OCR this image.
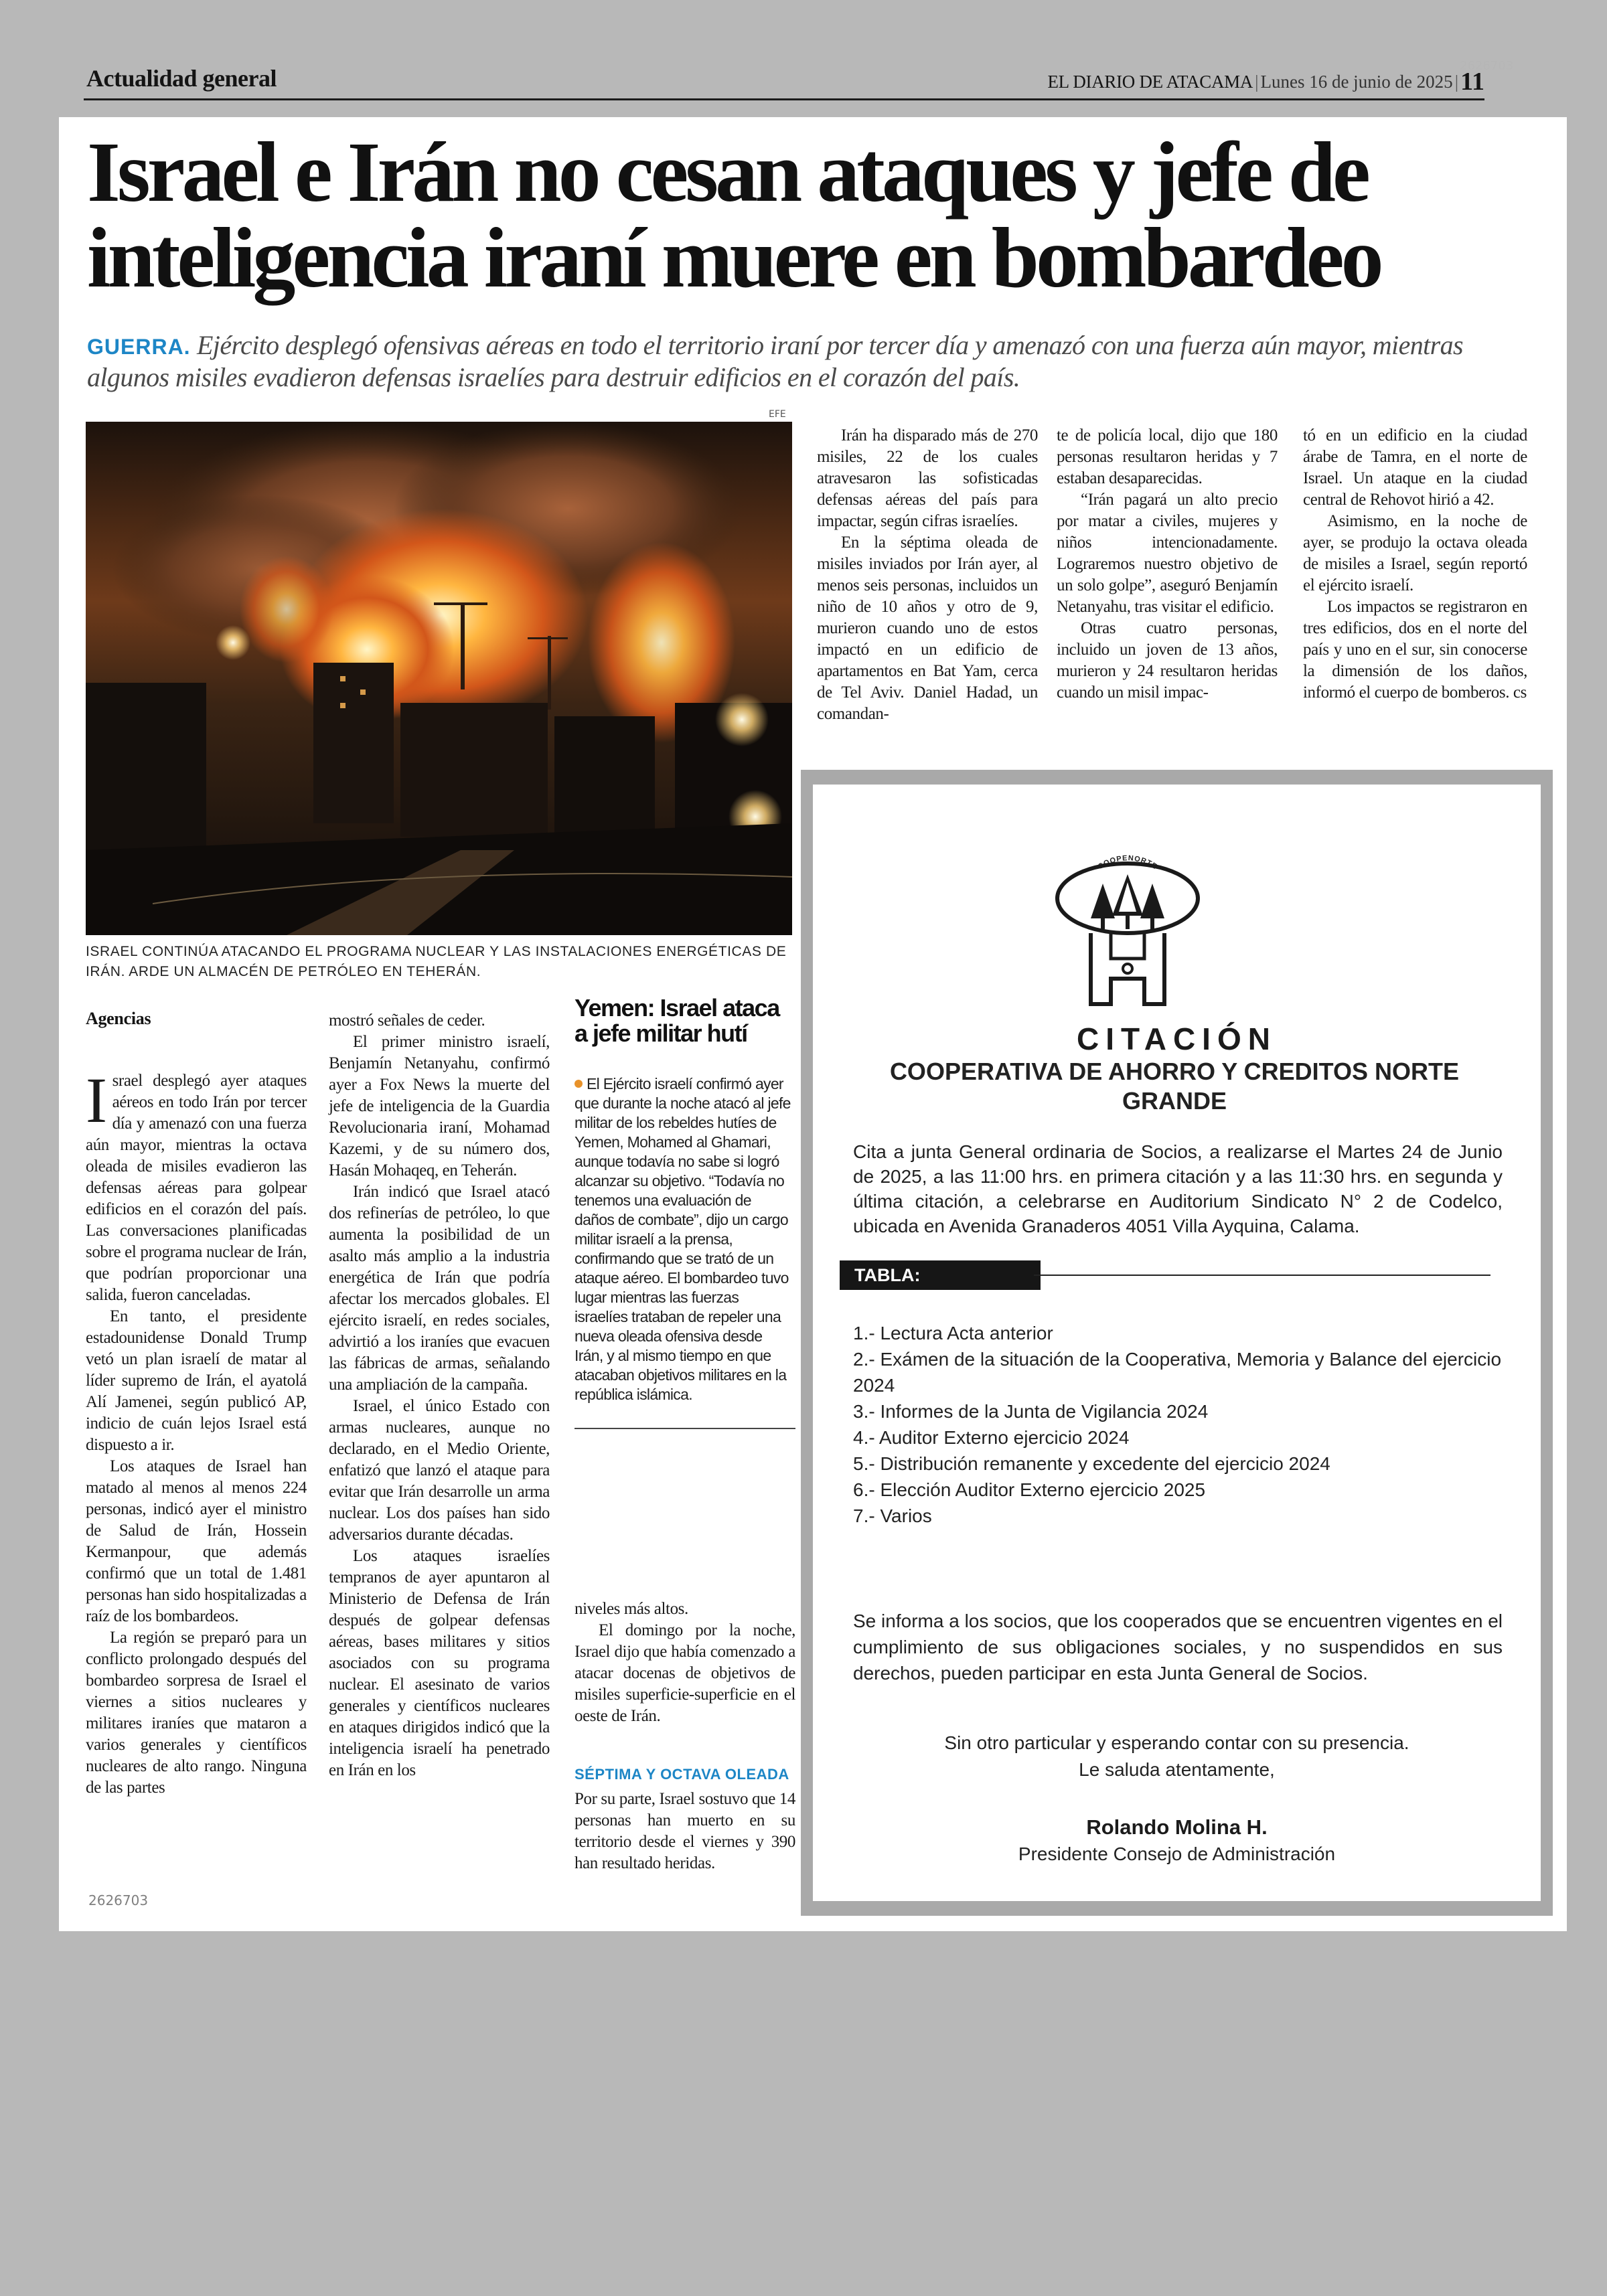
Actualidad general	EL DIARIO DE ATACAMA | Lunes 16 de junio de 2025 |11
2626703
Israel e Irán no cesan ataques y jefe de inteligencia iraní muere en bombardeo

GUERRA. Ejército desplegó ofensivas aéreas en todo el territorio iraní por tercer día y amenazó con una fuerza aún mayor, mientras algunos misiles evadieron defensas israelíes para destruir edificios en el corazón del país.

EFE

ISRAEL CONTINÚA ATACANDO EL PROGRAMA NUCLEAR Y LAS INSTALACIONES ENERGÉTICAS DE IRÁN. ARDE UN ALMACÉN DE PETRÓLEO EN TEHERÁN.

Agencias

Israel desplegó ayer ataques aéreos en todo Irán por tercer día y amenazó con una fuerza aún mayor, mientras la octava oleada de misiles evadieron las defensas aéreas para golpear edificios en el corazón del país. Las conversaciones planificadas sobre el programa nuclear de Irán, que podrían proporcionar una salida, fueron canceladas.

En tanto, el presidente estadounidense Donald Trump vetó un plan israelí de matar al líder supremo de Irán, el ayatolá Alí Jamenei, según publicó AP, indicio de cuán lejos Israel está dispuesto a ir.

Los ataques de Israel han matado al menos al menos 224 personas, indicó ayer el ministro de Salud de Irán, Hossein Kermanpour, que además confirmó que un total de 1.481 personas han sido hospitalizadas a raíz de los bombardeos.

La región se preparó para un conflicto prolongado después del bombardeo sorpresa de Israel el viernes a sitios nucleares y militares iraníes que mataron a varios generales y científicos nucleares de alto rango. Ninguna de las partes

mostró señales de ceder.

El primer ministro israelí, Benjamín Netanyahu, confirmó ayer a Fox News la muerte del jefe de inteligencia de la Guardia Revolucionaria iraní, Mohamad Kazemi, y de su número dos, Hasán Mohaqeq, en Teherán.

Irán indicó que Israel atacó dos refinerías de petróleo, lo que aumenta la posibilidad de un asalto más amplio a la industria energética de Irán que podría afectar los mercados globales. El ejército israelí, en redes sociales, advirtió a los iraníes que evacuen las fábricas de armas, señalando una ampliación de la campaña.

Israel, el único Estado con armas nucleares, aunque no declarado, en el Medio Oriente, enfatizó que lanzó el ataque para evitar que Irán desarrolle un arma nuclear. Los dos países han sido adversarios durante décadas.

Los ataques israelíes tempranos de ayer apuntaron al Ministerio de Defensa de Irán después de golpear defensas aéreas, bases militares y sitios asociados con su programa nuclear. El asesinato de varios generales y científicos nucleares en ataques dirigidos indicó que la inteligencia israelí ha penetrado en Irán en los

Yemen: Israel ataca a jefe militar hutí

El Ejército israelí confirmó ayer que durante la noche atacó al jefe militar de los rebeldes hutíes de Yemen, Mohamed al Ghamari, aunque todavía no sabe si logró alcanzar su objetivo. “Todavía no tenemos una evaluación de daños de combate”, dijo un cargo militar israelí a la prensa, confirmando que se trató de un ataque aéreo. El bombardeo tuvo lugar mientras las fuerzas israelíes trataban de repeler una nueva oleada ofensiva desde Irán, y al mismo tiempo en que atacaban objetivos militares en la república islámica.

niveles más altos.

El domingo por la noche, Israel dijo que había comenzado a atacar docenas de objetivos de misiles superficie-superficie en el oeste de Irán.

SÉPTIMA Y OCTAVA OLEADA

Por su parte, Israel sostuvo que 14 personas han muerto en su territorio desde el viernes y 390 han resultado heridas.

Irán ha disparado más de 270 misiles, 22 de los cuales atravesaron las sofisticadas defensas aéreas del país para impactar, según cifras israelíes.

En la séptima oleada de misiles inviados por Irán ayer, al menos seis personas, incluidos un niño de 10 años y otro de 9, murieron cuando uno de estos impactó en un edificio de apartamentos en Bat Yam, cerca de Tel Aviv. Daniel Hadad, un comandan-

te de policía local, dijo que 180 personas resultaron heridas y 7 estaban desaparecidas.

“Irán pagará un alto precio por matar a civiles, mujeres y niños intencionadamente. Lograremos nuestro objetivo de un solo golpe”, aseguró Benjamín Netanyahu, tras visitar el edificio.

Otras cuatro personas, incluido un joven de 13 años, murieron y 24 resultaron heridas cuando un misil impac-

tó en un edificio en la ciudad árabe de Tamra, en el norte de Israel. Un ataque en la ciudad central de Rehovot hirió a 42.

Asimismo, en la noche de ayer, se produjo la octava oleada de misiles a Israel, según reportó el ejército israelí.

Los impactos se registraron en tres edificios, dos en el norte del país y uno en el sur, sin conocerse la dimensión de los daños, informó el cuerpo de bomberos. cs

2626703
COOPENORTE
CITACIÓN
COOPERATIVA DE AHORRO Y CREDITOS NORTE GRANDE

Cita a junta General ordinaria de Socios, a realizarse el Martes 24 de Junio de 2025, a las 11:00 hrs. en primera citación y a las 11:30 hrs. en segunda y última citación, a celebrarse en Auditorium Sindicato N° 2 de Codelco, ubicada en Avenida Granaderos 4051 Villa Ayquina, Calama.

TABLA:
1.- Lectura Acta anterior
2.- Exámen de la situación de la Cooperativa, Memoria y Balance del ejercicio 2024
3.- Informes de la Junta de Vigilancia 2024
4.- Auditor Externo ejercicio 2024
5.- Distribución remanente y excedente del ejercicio 2024
6.- Elección Auditor Externo ejercicio 2025
7.- Varios

Se informa a los socios, que los cooperados que se encuentren vigentes en el cumplimiento de sus obligaciones sociales, y no suspendidos en sus derechos, pueden participar en esta Junta General de Socios.

Sin otro particular y esperando contar con su presencia.
Le saluda atentamente,

Rolando Molina H.
Presidente Consejo de Administración
